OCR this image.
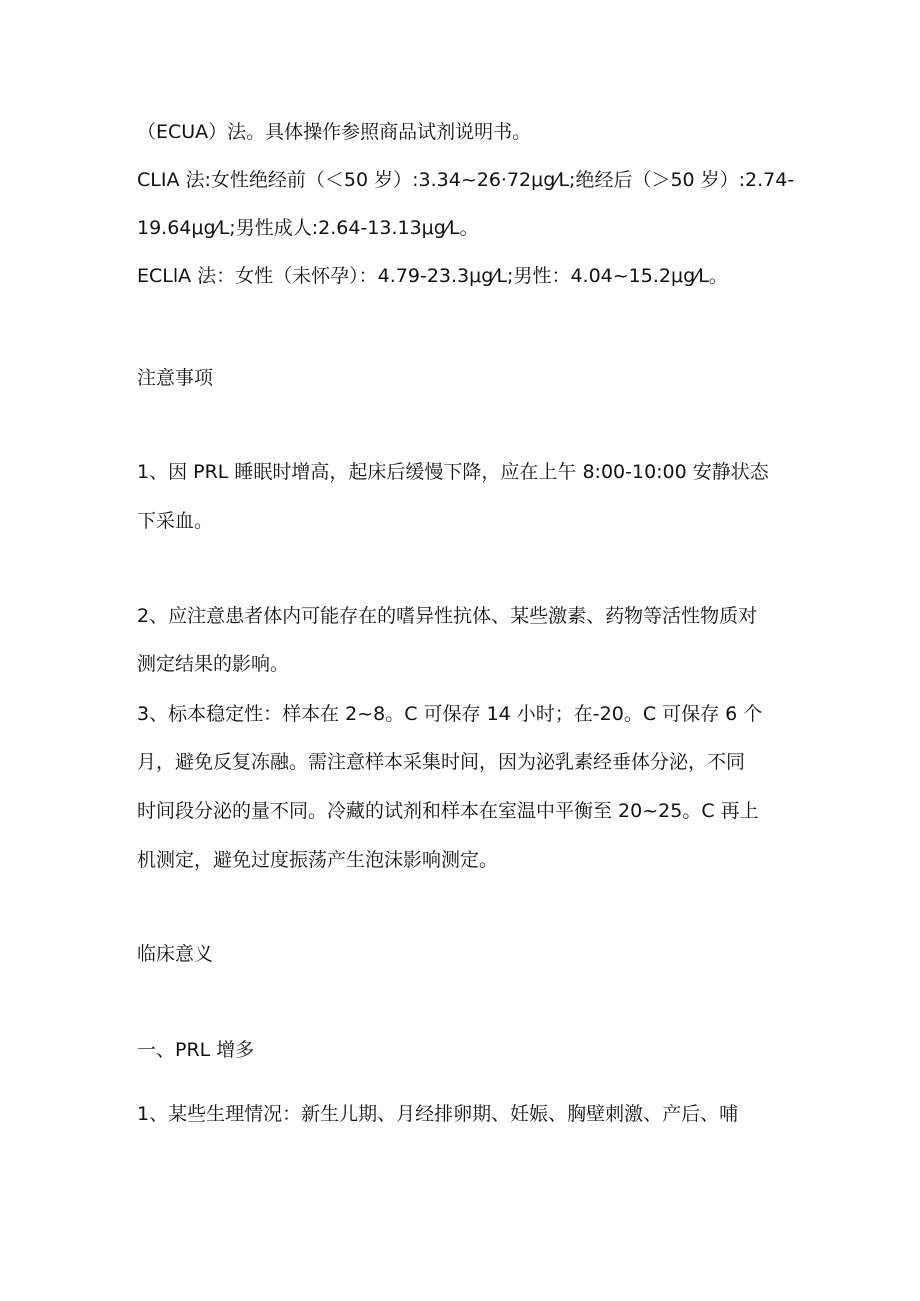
（ECUA）法。具体操作参照商品试剂说明书。
CLIA 法:女性绝经前（＜50 岁）:3.34~26·72μg⁄L;绝经后（＞50 岁）:2.74-
19.64μg⁄L;男性成人:2.64-13.13μg⁄L。
ECLlA 法：女性（未怀孕）：4.79-23.3μg⁄L;男性：4.04~15.2μg⁄L。
注意事项
1、因 PRL 睡眠时增高，起床后缓慢下降，应在上午 8:00-10:00 安静状态
下采血。
2、应注意患者体内可能存在的嗜异性抗体、某些激素、药物等活性物质对
测定结果的影响。
3、标本稳定性：样本在 2~8。C 可保存 14 小时；在-20。C 可保存 6 个
月，避免反复冻融。需注意样本采集时间，因为泌乳素经垂体分泌，不同
时间段分泌的量不同。冷藏的试剂和样本在室温中平衡至 20~25。C 再上
机测定，避免过度振荡产生泡沫影响测定。
临床意义
一、PRL 增多
1、某些生理情况：新生儿期、月经排卵期、妊娠、胸壁刺激、产后、哺
